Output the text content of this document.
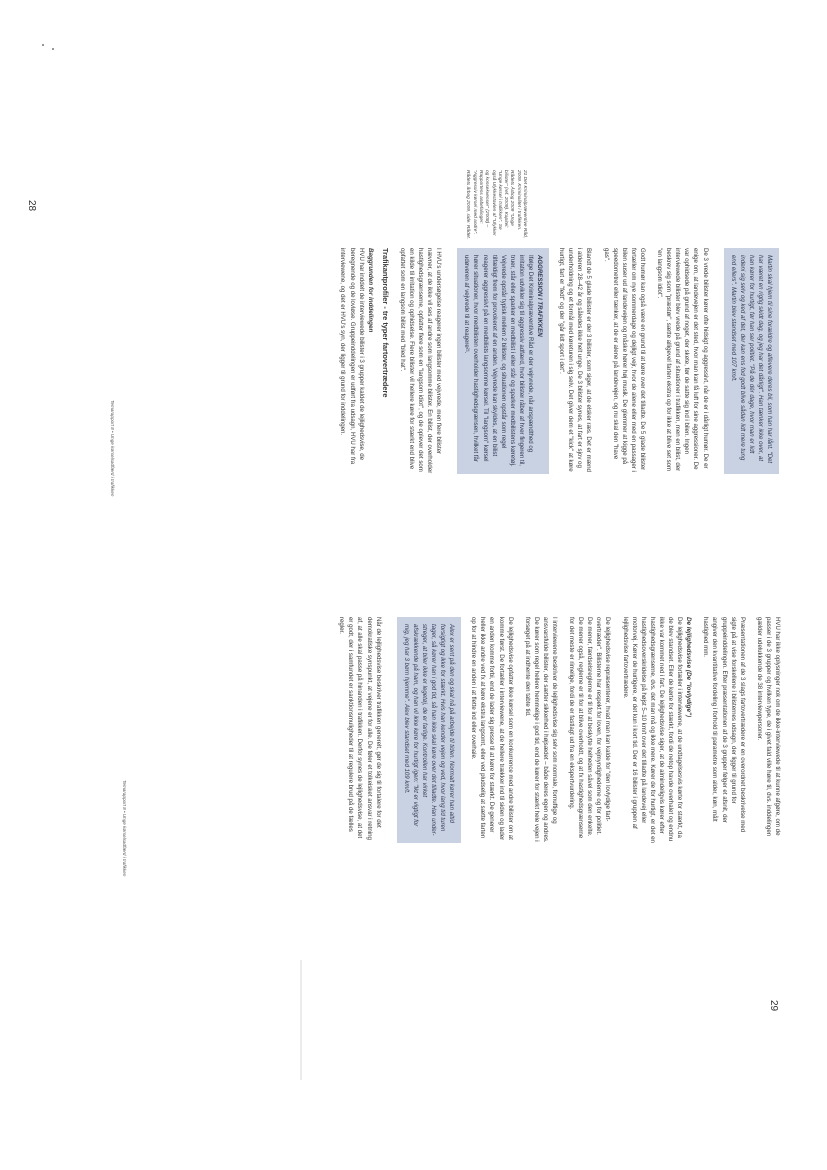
28	21 Det Kriminalpræventive Råd, 2009. Kriminalitet i trafikken. Rådets Årbog 2009 "Unge bilister" (ref. 2009). Kapitel: "Unge kørsel i trafikken". Se også Ulykkestavlen af "Ulykker og konsekvenser" (2008) – Rapportens anbefalinger: "Aggressiv kørsel med andre". Rådets årbog 2009, side: Rådet.
Martin skal hjem til sine forældre og aflevere deres bil, som han har lånt. "Det har været en rigtig skidt dag, og jeg har det dårligt". Han tænker ikke over, at han kører for hurtigt, før han ser politiet. "På de dér dage, hvor man er lidt indeni sig selv og ked af det, der kan ens fod godt blive sådan lidt mere tung end ellers". Martin blev standset med 107 km/t.

De 3 vrede bilister kører ofte hidsigt og aggressivt, når de er i dårligt humør. De er enige om, at landevejen er det sted, hvor man kan få luft for sine aggressioner. De var ophidsede på grund af noget, der skete, før de satte sig ind i bilen. Ingen interviewede bilister blev vrede på grund af situationer i trafikken, men en bilist, der beskrev sig som "præstør", sætte alligevel farten ekstra op for ikke at blive set som "en langsom idiot".

Godt humør kan også være en grund til at køre over det tilladte. De 5 glade bilister fortæller om nye sommerdage og dejligt vejr, hvor de alene eller med en passager i bilen suser ud af landevejen og måske hører høj musik. De glemmer at kigge på speedometret eller tænker, at de er alene på landevejen, og nu skal den "have gas".

Blandt de 5 glade bilister er der 3 bilister, som siger, at de elsker ræs. Det er mænd i alderen 28–42 år og således ikke helt unge. De 3 bilister synes, at fart er sjov og underholdning og et formål med køreturen i sig selv. Det giver dem et "kick" at køre hurtigt, fart er "fedt" og der "går lidt sport i det".

AGGRESSION I TRAFIKKEN
Ifølge Det Kriminalpræventive Råd er der vejrvrede, når anspændthed og irritation udvikler sig til aggressiv adfærd, hvor bilister råber af hver fingeren til, truer, står eller sparker en medbilist i eller står og sparker medbilistens køretøj. Vejvrede opstår typisk mellem 2 bilister, og situationen opstår som regel tilfældigt frem for provokeret af en anden. Vejvrede kan skyldes, at en bilist reagerer aggressivt på en medbilists langsomme kørsel. Til "langsom" kørsel hører situationer, hvor medbilisten overholder hastighedsgrænsen, hvilket får udøveren af vejvrede til at reagere²¹.

I HVU's undersøgelse reagerer ingen bilister med vejvrede, men flere bilister nævner, at de ikke vil ses af andre som langsomme bilister. En bilist, der overholder hastighedsgrænserne, opfatter flere som en "langsom idiot", og de oplever det som en kilde til irritation og ophidselse. Flere bilister vil hellere køre for stærkt end blive opfattet som en langsom bilist med "bled hat".

Trafikantprofiler - tre typer fartovertrædere
Baggrunden for inddelingen

HVU har inddelt de interviewede bilister i 3 grupper kaldet de lejlighedsvise, de beregnende og de lovløse. Gruppeinddelingen er udført fra udsagn, HVU har fra interviewene, og det er HVU's syn, der ligger til grund for inddelingen.

Temarapport 8 • Unge kørselsadfærd i trafikken

HVU har ikke oplysninger nok om de ikke-interviewede til at kunne afgøre, om de passer i de 3 grupper og hvilken type, de i givet fald ville høre til, dvs. inddelingen gælder udelukkende de 38 interviewpersoner.

Præsentationen af de 3 slags fartovertrædere er en overordnet beskrivelse med sigte på at vise forskellene i bilisternes udsagn, der ligger til grund for gruppeinddelingen. Efter præsentationen af de 3 grupper følger et afsnit, der angiver den kvantitative fordeling i forhold til parametre som alder, køn, målt hastighed mm.

De lejlighedsvise (De "lovlydige")

De lejlighedsvise fortæller i interviewene, at de undtagelsesvis kørte for stærkt, da de blev standset. Eller de kørte for stærkt, fordi de netop havde overhalet og endnu ikke var kommet ned i fart. De lejlighedsvise siger, at de almindeligvis kører efter hastighedsgrænserne, dvs. det man må og ikke mere. Kører de for hurtigt, er det en hastighedsoverskridelse på højst 5–10 km/t over det tilladte på landevej eller motorvej. Kører de hurtigere, er det kun i kort tid. Der er 16 bilister i gruppen af lejlighedsvise fartovertrædere.

De lejlighedsvise repræsenterer, hvad man kan kalde for "den lovlydige fart-overtræder". Bilisterne har respekt for loven, for vejmyndighederne og for politiet. De mener, færdselsreglerne er til for at beskytte helheden såvel som den enkelte. De mener også, reglerne er til for at blive overholdt, og at fx hastighedsgrænserne for det meste er rimelige, fordi de er fastlagt ud fra en ekspertvurdering.

I interviewene beskriver de lejlighedsvise sig selv som normale, fornuftige og ansvarsfulde bilister, der sætter sikkerhed i højsædet – både deres egen og andres. De kører som regel hellere hemmelige i god tid, end de kører for stærkt hele vejen i forsøget på at indhente den tabte tid.

De lejlighedsvise opfatter ikke kørsel som en konkurrence med andre bilister om at komme først. De fortæller i interviewene, at de hellere trækker ind til siden og lader en anden komme forbi, end de lader sig presse til at køre for stærkt. De generer heller ikke andre ved fx at køre ekstra langsomt, eller ved pludselig at sætte farten op for at hindre en anden i at flette ind eller overhale.

Alex er sent på den og skal nå på arbejde til tiden. Normalt kører han altid forsigtigt og ikke for stærkt. Hvis han kender vejen og ved, hvor lang tid turen tager, så kører han i god tid, så han ikke skal køre over det tilladte. Han under-streger, at biler ikke er legetøj, de er farlige. Kontrollen har virket afskrækkende på ham, og han vil ikke køre for hurtigt igen: "Ikt er vigtigt for mig, jeg har 3 børn hjemme". Alex blev standset med 109 km/t.

Når de lejlighedsvise beskriver trafikken generelt, gør de sig til fortalere for det demokratiske synspunkt, at vejene er for alle. De føler et tolkeisket ansvar i retning af, at alle skal passe på hinanden i trafikken. Derfor synes de lejlighedsvise, at det er godt, der i samfundet er sanktionsmuligheder til at regulere brud på de fælles regler.

Temarapport 8 • Unge kørselsadfærd i trafikken
29
